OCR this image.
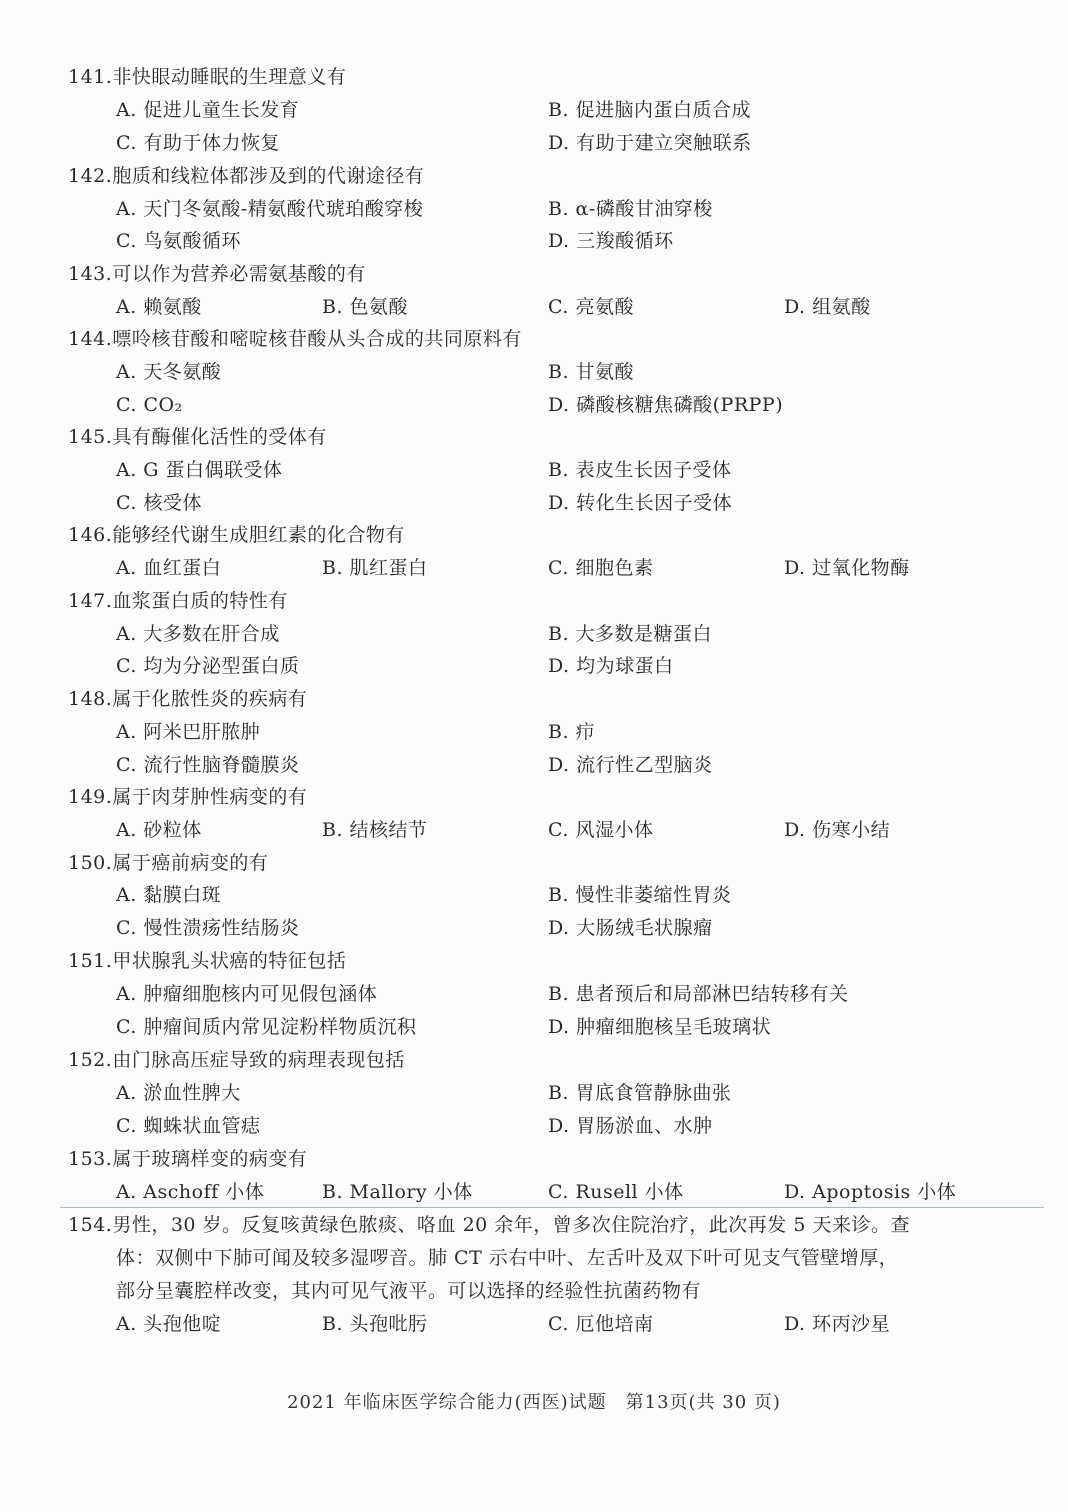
141.非快眼动睡眠的生理意义有
A. 促进儿童生长发育	B. 促进脑内蛋白质合成
C. 有助于体力恢复	D. 有助于建立突触联系
142.胞质和线粒体都涉及到的代谢途径有
A. 天门冬氨酸-精氨酸代琥珀酸穿梭	B. α-磷酸甘油穿梭
C. 鸟氨酸循环	D. 三羧酸循环
143.可以作为营养必需氨基酸的有
A. 赖氨酸	B. 色氨酸	C. 亮氨酸	D. 组氨酸
144.嘌呤核苷酸和嘧啶核苷酸从头合成的共同原料有
A. 天冬氨酸	B. 甘氨酸
C. CO₂	D. 磷酸核糖焦磷酸(PRPP)
145.具有酶催化活性的受体有
A. G 蛋白偶联受体	B. 表皮生长因子受体
C. 核受体	D. 转化生长因子受体
146.能够经代谢生成胆红素的化合物有
A. 血红蛋白	B. 肌红蛋白	C. 细胞色素	D. 过氧化物酶
147.血浆蛋白质的特性有
A. 大多数在肝合成	B. 大多数是糖蛋白
C. 均为分泌型蛋白质	D. 均为球蛋白
148.属于化脓性炎的疾病有
A. 阿米巴肝脓肿	B. 疖
C. 流行性脑脊髓膜炎	D. 流行性乙型脑炎
149.属于肉芽肿性病变的有
A. 砂粒体	B. 结核结节	C. 风湿小体	D. 伤寒小结
150.属于癌前病变的有
A. 黏膜白斑	B. 慢性非萎缩性胃炎
C. 慢性溃疡性结肠炎	D. 大肠绒毛状腺瘤
151.甲状腺乳头状癌的特征包括
A. 肿瘤细胞核内可见假包涵体	B. 患者预后和局部淋巴结转移有关
C. 肿瘤间质内常见淀粉样物质沉积	D. 肿瘤细胞核呈毛玻璃状
152.由门脉高压症导致的病理表现包括
A. 淤血性脾大	B. 胃底食管静脉曲张
C. 蜘蛛状血管痣	D. 胃肠淤血、水肿
153.属于玻璃样变的病变有
A. Aschoff 小体	B. Mallory 小体	C. Rusell 小体	D. Apoptosis 小体
154.男性，30 岁。反复咳黄绿色脓痰、咯血 20 余年，曾多次住院治疗，此次再发 5 天来诊。查
体：双侧中下肺可闻及较多湿啰音。肺 CT 示右中叶、左舌叶及双下叶可见支气管壁增厚，
部分呈囊腔样改变，其内可见气液平。可以选择的经验性抗菌药物有
A. 头孢他啶	B. 头孢吡肟	C. 厄他培南	D. 环丙沙星
2021 年临床医学综合能力(西医)试题　第13页(共 30 页)
